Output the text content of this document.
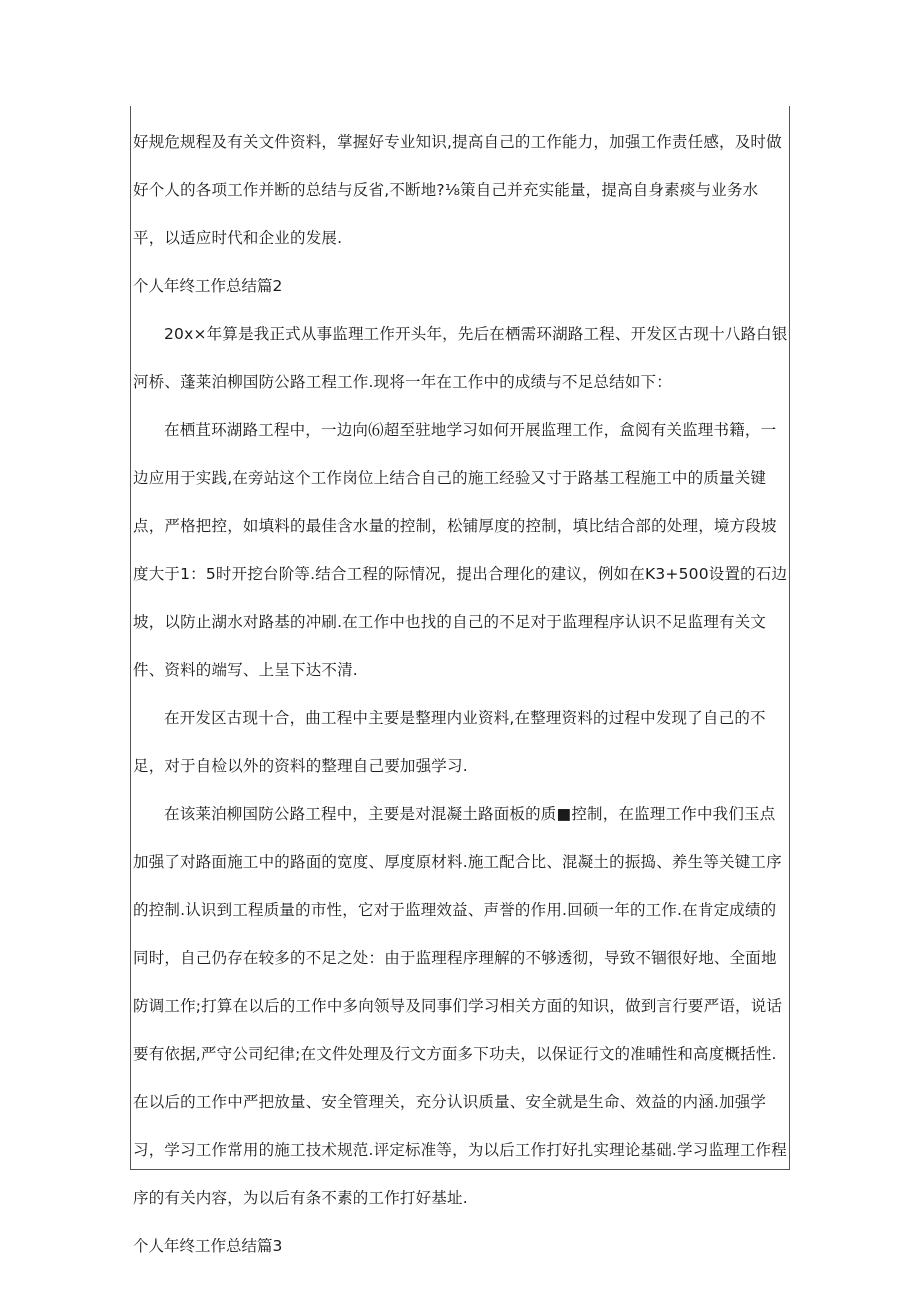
好规危规程及有关文件资料，掌握好专业知识,提高自己的工作能力，加强工作责任感，及时做好个人的各项工作并断的总结与反省,不断地?⅛策自己并充实能量，提高自身素痰与业务水平，以适应时代和企业的发展.

个人年终工作总结篇2

20x×年算是我正式从事监理工作开头年，先后在栖需环湖路工程、开发区古现十八路白银河桥、蓬莱泊柳国防公路工程工作.现将一年在工作中的成绩与不足总结如下：

在栖苴环湖路工程中，一边向⑹超至驻地学习如何开展监理工作，盒阅有关监理书籍，一边应用于实践,在旁站这个工作岗位上结合自己的施工经验又寸于路基工程施工中的质量关键点，严格把控，如填料的最佳含水量的控制，松铺厚度的控制，填比结合部的处理，境方段坡度大于1：5时开挖台阶等.结合工程的际情况，提出合理化的建议，例如在K3+500设置的石边坡，以防止湖水对路基的冲刷.在工作中也找的自己的不足对于监理程序认识不足监理有关文件、资料的端写、上呈下达不清.

在开发区古现十合，曲工程中主要是整理内业资料,在整理资料的过程中发现了自己的不足，对于自检以外的资料的整理自己要加强学习.

在该莱泊柳国防公路工程中，主要是对混凝土路面板的质■控制，在监理工作中我们玉点加强了对路面施工中的路面的宽度、厚度原材料.施工配合比、混凝土的振捣、养生等关键工序的控制.认识到工程质量的市性，它对于监理效益、声誉的作用.回硕一年的工作.在肯定成绩的同时，自己仍存在较多的不足之处：由于监理程序理解的不够透彻，导致不锢很好地、全面地防调工作;打算在以后的工作中多向领导及同事们学习相关方面的知识，做到言行要严语，说话要有依据,严守公司纪律;在文件处理及行文方面多下功夫，以保证行文的准晡性和高度概括性.在以后的工作中严把放量、安全管理关，充分认识质量、安全就是生命、效益的内涵.加强学习，学习工作常用的施工技术规范.评定标准等，为以后工作打好扎实理论基础.学习监理工作程序的有关内容，为以后有条不素的工作打好基址.

个人年终工作总结篇3
